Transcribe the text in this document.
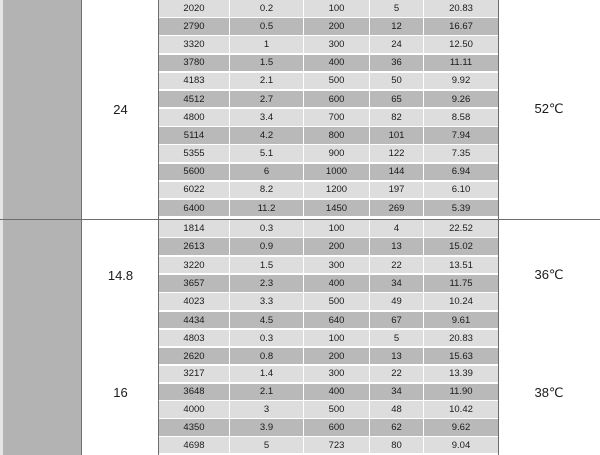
24	52℃
2020	0.2	100	5	20.83
2790	0.5	200	12	16.67
3320	1	300	24	12.50
3780	1.5	400	36	11.11
4183	2.1	500	50	9.92
4512	2.7	600	65	9.26
4800	3.4	700	82	8.58
5114	4.2	800	101	7.94
5355	5.1	900	122	7.35
5600	6	1000	144	6.94
6022	8.2	1200	197	6.10
6400	11.2	1450	269	5.39
14.8	36℃
1814	0.3	100	4	22.52
2613	0.9	200	13	15.02
3220	1.5	300	22	13.51
3657	2.3	400	34	11.75
4023	3.3	500	49	10.24
4434	4.5	640	67	9.61
16	38℃
4803	0.3	100	5	20.83
2620	0.8	200	13	15.63
3217	1.4	300	22	13.39
3648	2.1	400	34	11.90
4000	3	500	48	10.42
4350	3.9	600	62	9.62
4698	5	723	80	9.04
